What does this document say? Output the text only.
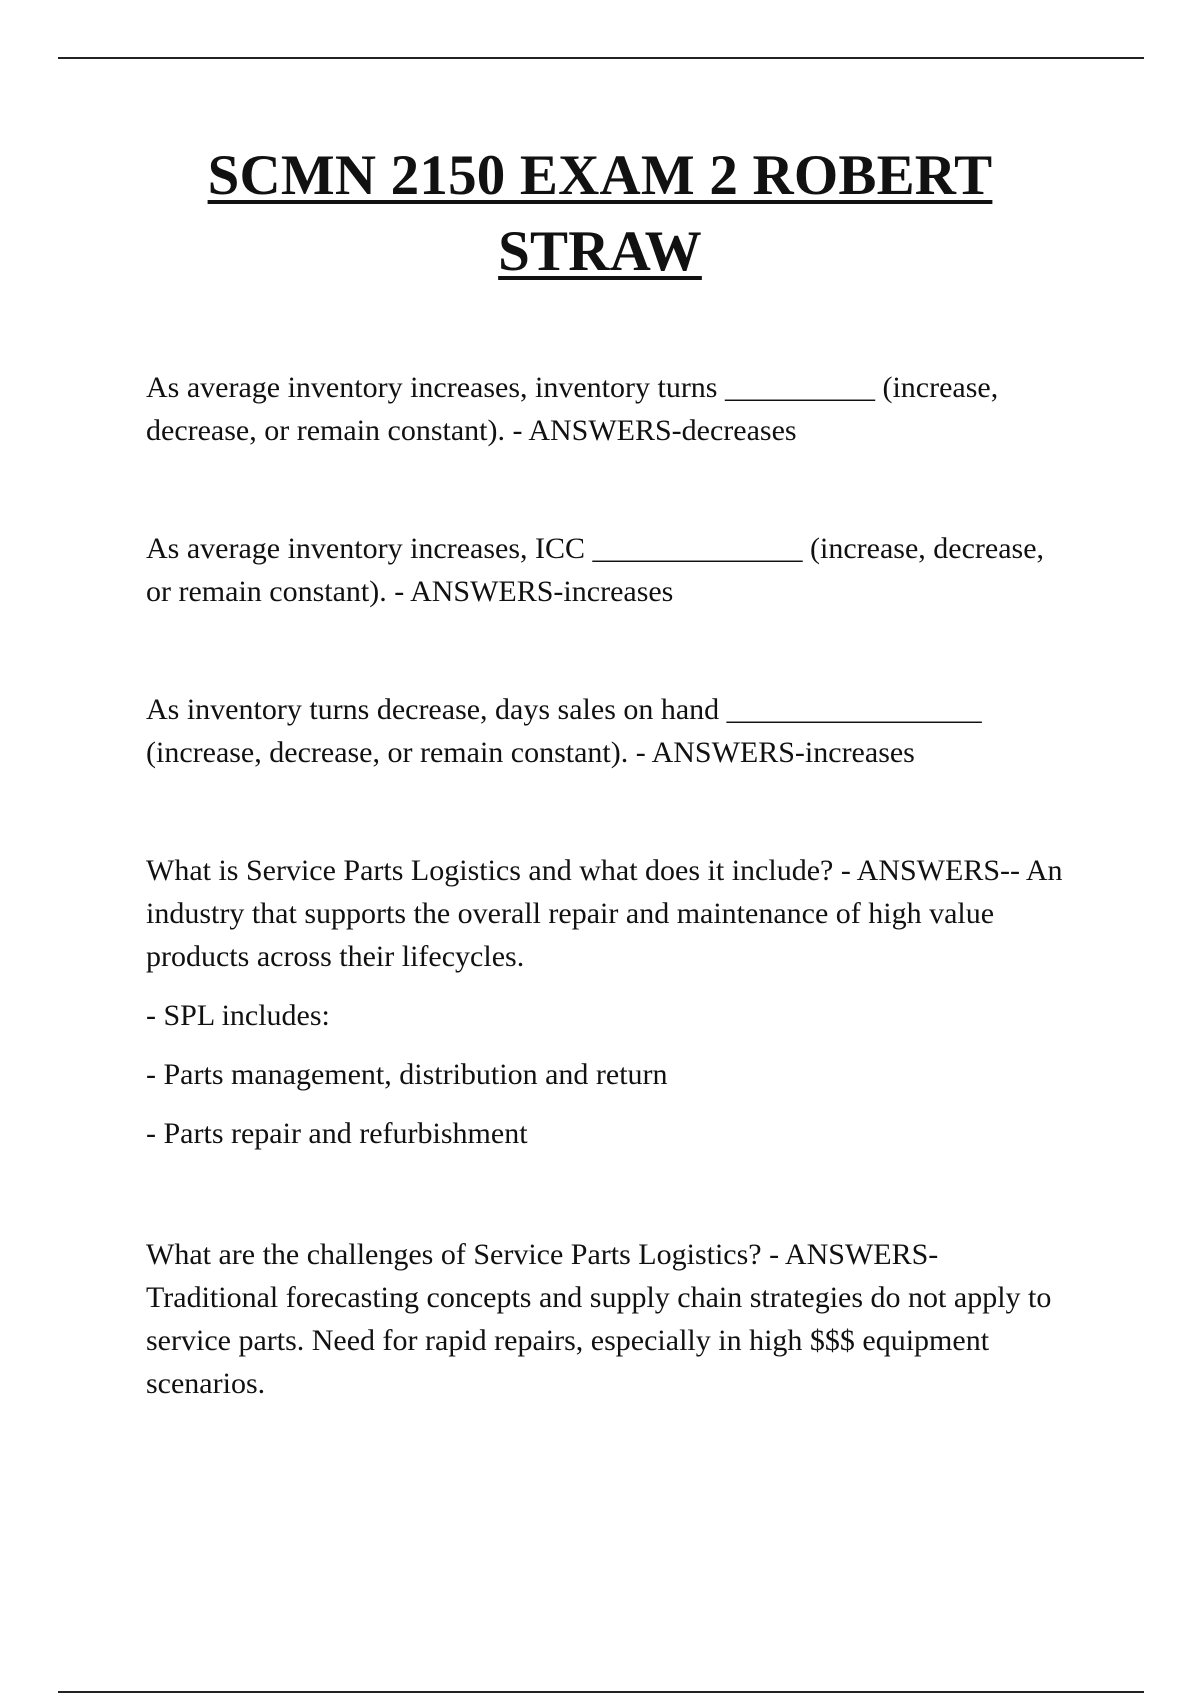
SCMN 2150 EXAM 2 ROBERT
STRAW

As average inventory increases, inventory turns __________ (increase, decrease, or remain constant). - ANSWERS-decreases

As average inventory increases, ICC ______________ (increase, decrease, or remain constant). - ANSWERS-increases

As inventory turns decrease, days sales on hand _________________ (increase, decrease, or remain constant). - ANSWERS-increases

What is Service Parts Logistics and what does it include? - ANSWERS-- An industry that supports the overall repair and maintenance of high value products across their lifecycles.

- SPL includes:

- Parts management, distribution and return

- Parts repair and refurbishment

What are the challenges of Service Parts Logistics? - ANSWERS-Traditional forecasting concepts and supply chain strategies do not apply to service parts. Need for rapid repairs, especially in high $$$ equipment scenarios.
